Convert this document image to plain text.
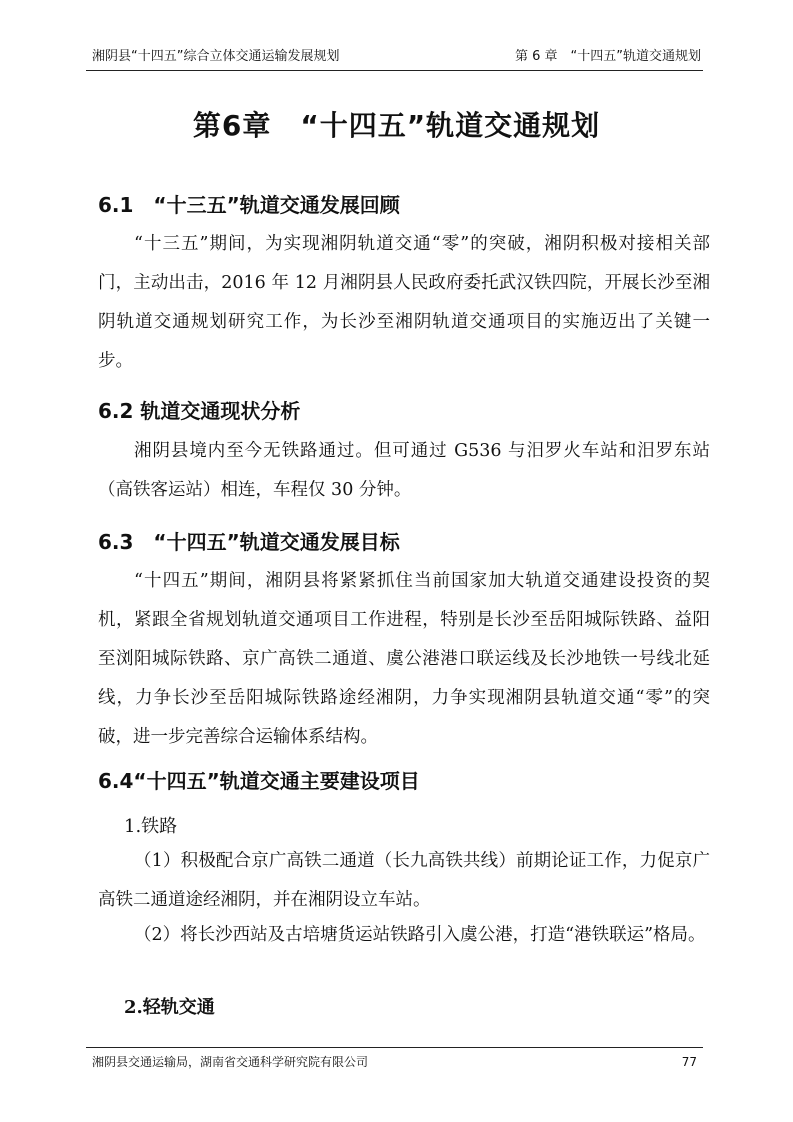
湘阴县“十四五”综合立体交通运输发展规划	第 6 章　“十四五”轨道交通规划
第6章　“十四五”轨道交通规划
6.1　“十三五”轨道交通发展回顾

“十三五”期间，为实现湘阴轨道交通“零”的突破，湘阴积极对接相关部门，主动出击，2016 年 12 月湘阴县人民政府委托武汉铁四院，开展长沙至湘阴轨道交通规划研究工作，为长沙至湘阴轨道交通项目的实施迈出了关键一步。

6.2 轨道交通现状分析

湘阴县境内至今无铁路通过。但可通过 G536 与汨罗火车站和汨罗东站（高铁客运站）相连，车程仅 30 分钟。

6.3　“十四五”轨道交通发展目标

“十四五”期间，湘阴县将紧紧抓住当前国家加大轨道交通建设投资的契机，紧跟全省规划轨道交通项目工作进程，特别是长沙至岳阳城际铁路、益阳至浏阳城际铁路、京广高铁二通道、虞公港港口联运线及长沙地铁一号线北延线，力争长沙至岳阳城际铁路途经湘阴，力争实现湘阴县轨道交通“零”的突破，进一步完善综合运输体系结构。

6.4“十四五”轨道交通主要建设项目
1.铁路

（1）积极配合京广高铁二通道（长九高铁共线）前期论证工作，力促京广高铁二通道途经湘阴，并在湘阴设立车站。

（2）将长沙西站及古培塘货运站铁路引入虞公港，打造“港铁联运”格局。

2.轻轨交通
湘阴县交通运输局，湖南省交通科学研究院有限公司	77
